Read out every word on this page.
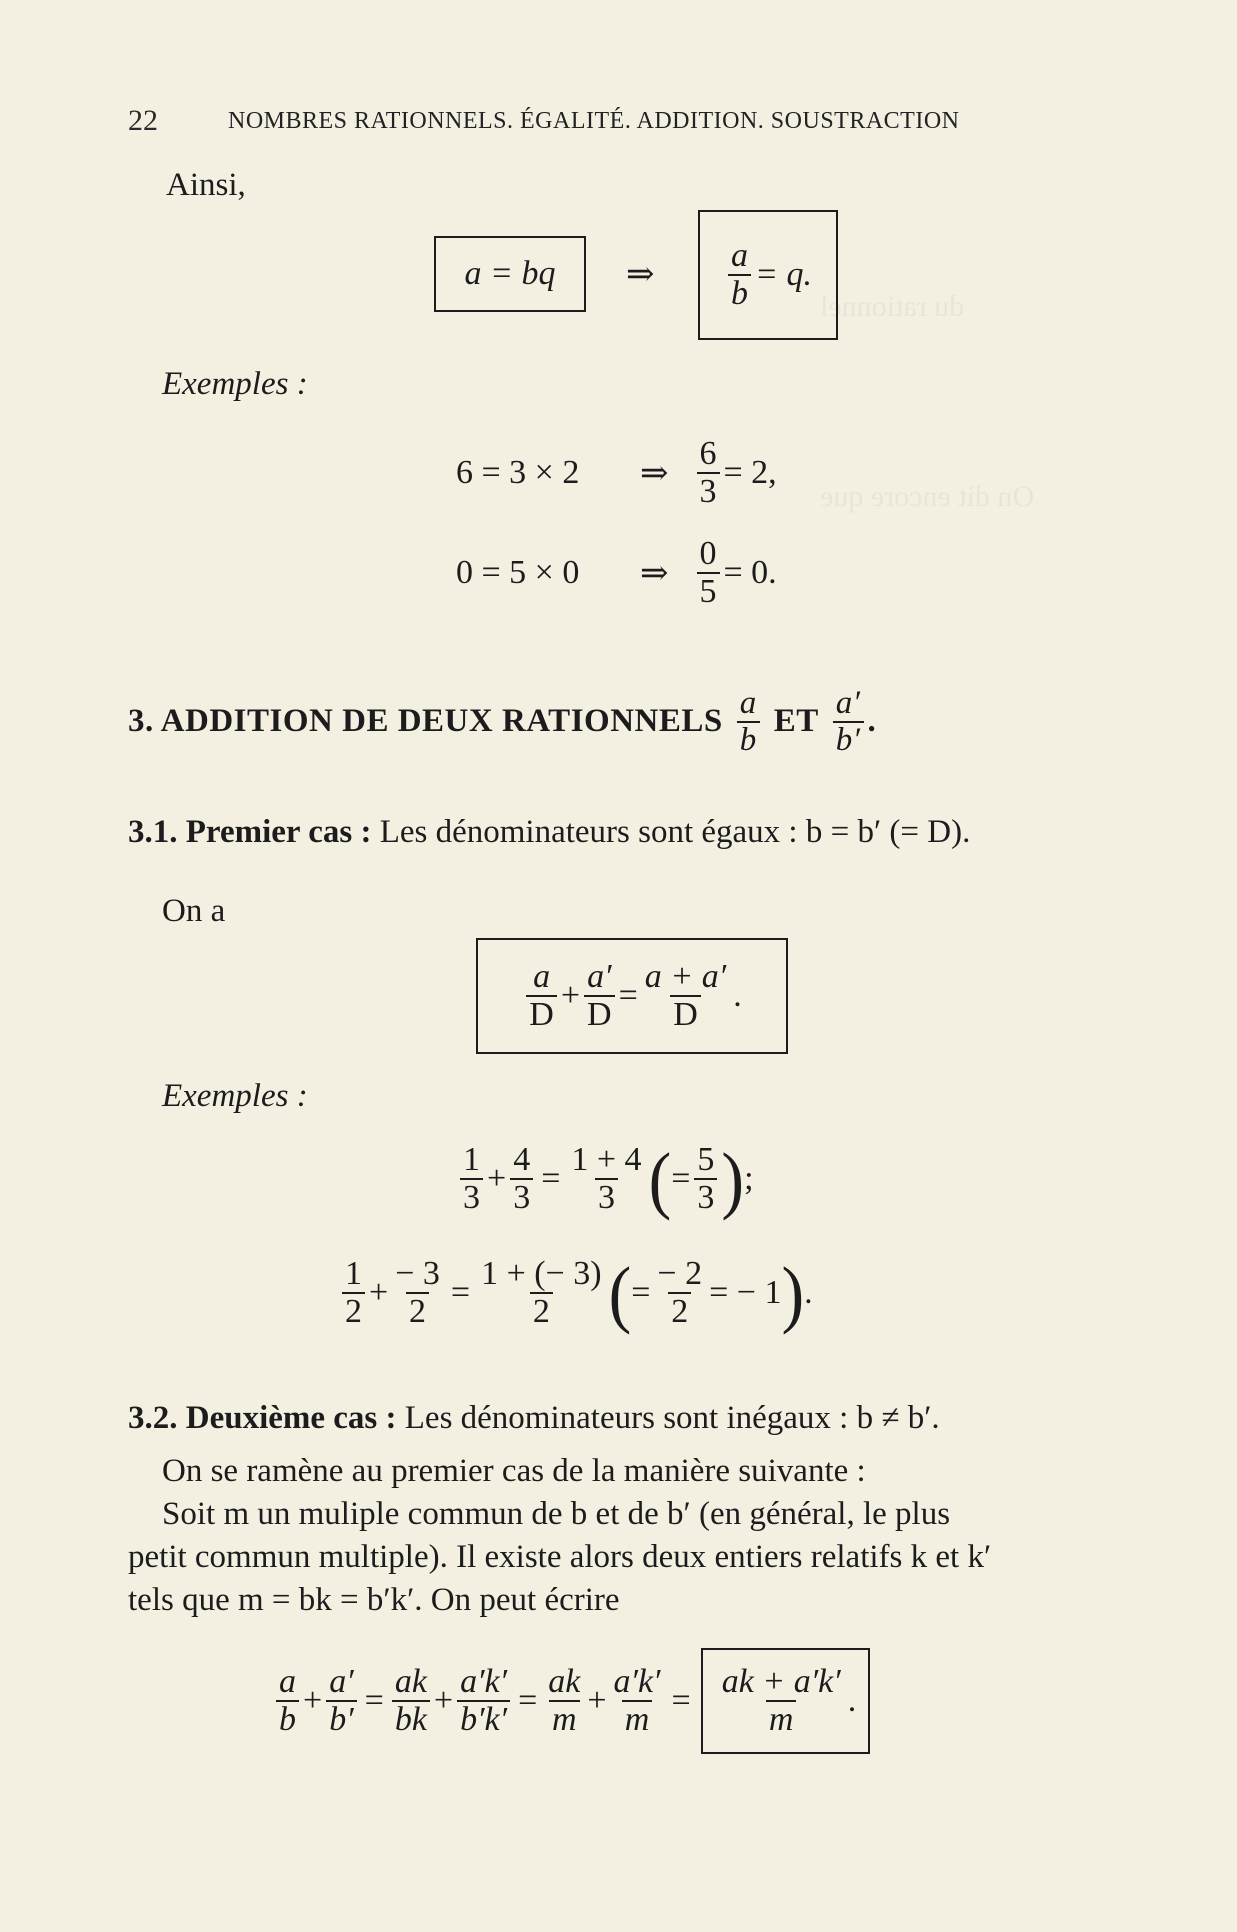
du rationnel
On dit encore que
22	NOMBRES RATIONNELS. ÉGALITÉ. ADDITION. SOUSTRACTION
Ainsi,
a = bq ⇒ $\frac{a}{b} = q$.
Exemples :
6 = 3 × 2	⇒ $\frac{6}{3} = 2$,
0 = 5 × 0	⇒ $\frac{0}{5} = 0$.
3. ADDITION DE DEUX RATIONNELS $\frac{a}{b}$ ET $\frac{a'}{b'}$ .
3.1. Premier cas : Les dénominateurs sont égaux : b = b′ (= D).
On a
$\frac{a}{D} + \frac{a'}{D} = \frac{a + a'}{D}$ .
Exemples :
$\frac{1}{3} + \frac{4}{3} = \frac{1 + 4}{3}$ ( = $\frac{5}{3}$ ) ;
$\frac{1}{2} + \frac{- 3}{2} = \frac{1 + (- 3)}{2}$ ( = $\frac{- 2}{2}$ = − 1 ) .
3.2. Deuxième cas : Les dénominateurs sont inégaux : b ≠ b′.
On se ramène au premier cas de la manière suivante :
Soit m un muliple commun de b et de b′ (en général, le plus
petit commun multiple). Il existe alors deux entiers relatifs k et k′
tels que m = bk = b′k′. On peut écrire
$\frac{a}{b} + \frac{a'}{b'} = \frac{ak}{bk} + \frac{a'k'}{b'k'} = \frac{ak}{m} + \frac{a'k'}{m} = \frac{ak + a'k'}{m}$ .
